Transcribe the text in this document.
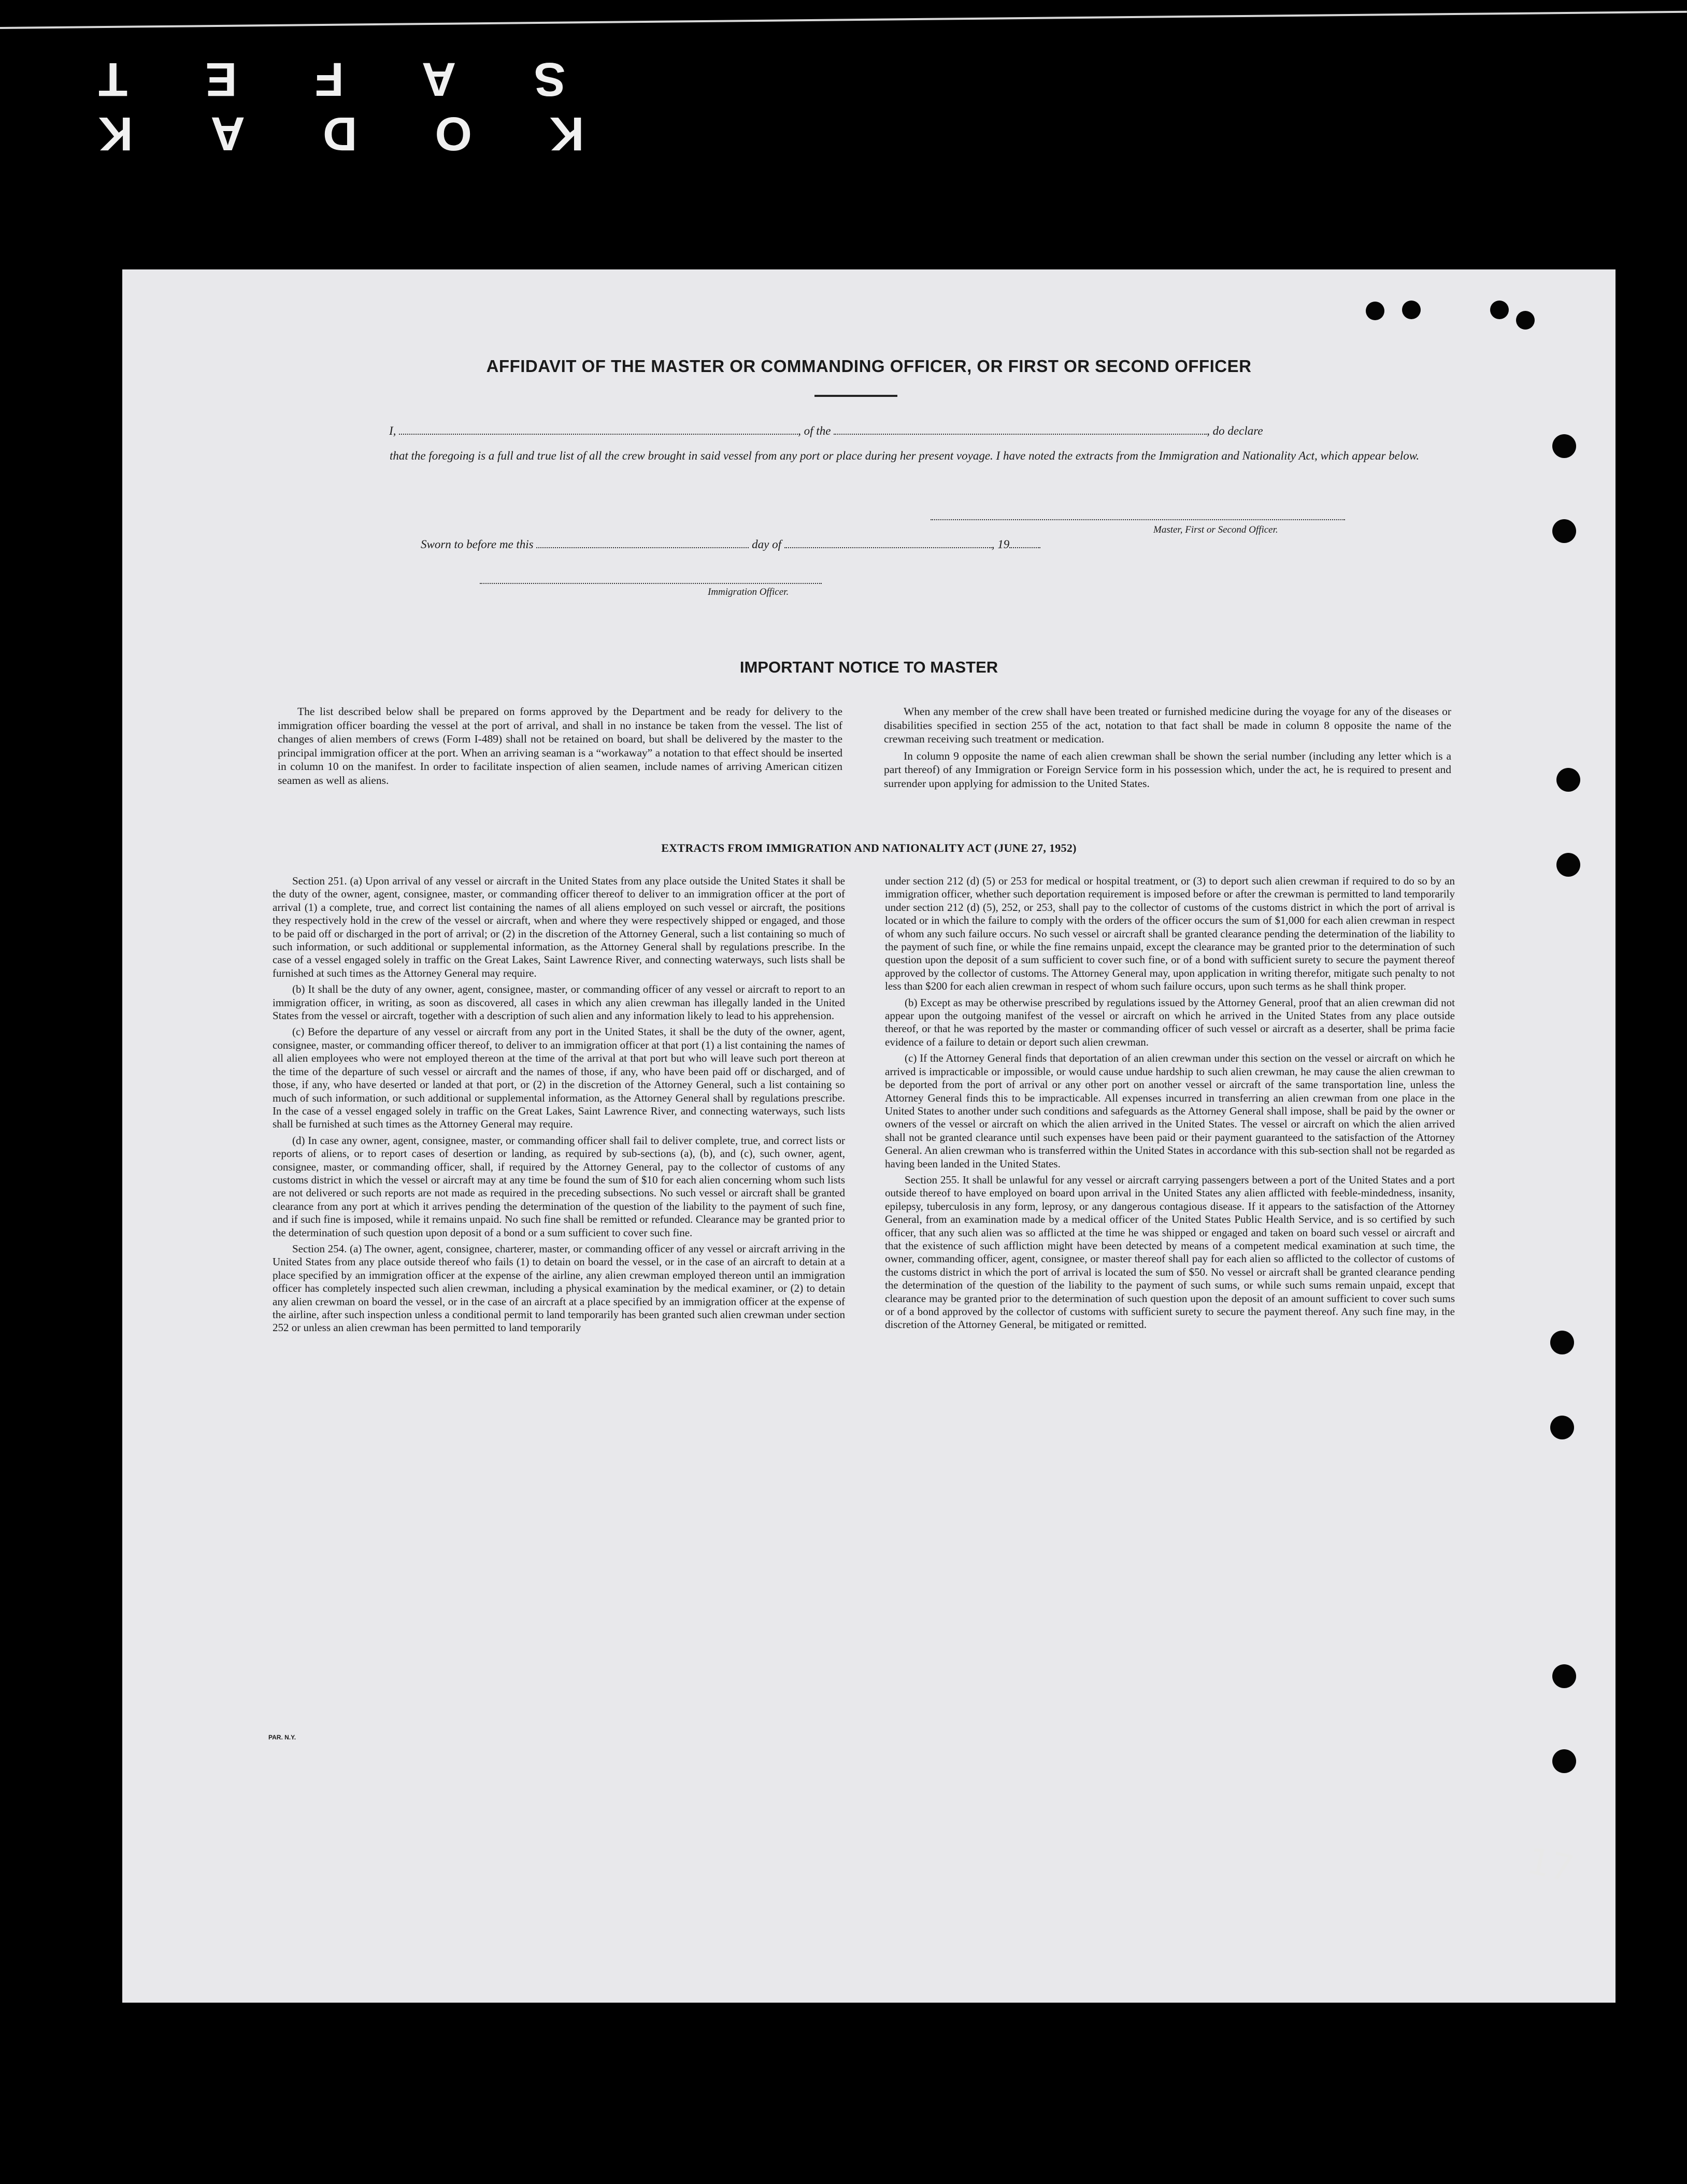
KODAK SAFET
AFFIDAVIT OF THE MASTER OR COMMANDING OFFICER, OR FIRST OR SECOND OFFICER
I,	, of the	, do declare
that the foregoing is a full and true list of all the crew brought in said vessel from any port or place during her present voyage. I have noted the extracts from the Immigration and Nationality Act, which appear below.
Master, First or Second Officer.
Sworn to before me this	day of	, 19
Immigration Officer.
IMPORTANT NOTICE TO MASTER

The list described below shall be prepared on forms approved by the Department and be ready for delivery to the immigration officer boarding the vessel at the port of arrival, and shall in no instance be taken from the vessel. The list of changes of alien members of crews (Form I-489) shall not be retained on board, but shall be delivered by the master to the principal immigration officer at the port. When an arriving seaman is a “workaway” a notation to that effect should be inserted in column 10 on the manifest. In order to facilitate inspection of alien seamen, include names of arriving American citizen seamen as well as aliens.

When any member of the crew shall have been treated or furnished medicine during the voyage for any of the diseases or disabilities specified in section 255 of the act, notation to that fact shall be made in column 8 opposite the name of the crewman receiving such treatment or medication.

In column 9 opposite the name of each alien crewman shall be shown the serial number (including any letter which is a part thereof) of any Immigration or Foreign Service form in his possession which, under the act, he is required to present and surrender upon applying for admission to the United States.

EXTRACTS FROM IMMIGRATION AND NATIONALITY ACT (JUNE 27, 1952)

Section 251. (a) Upon arrival of any vessel or aircraft in the United States from any place outside the United States it shall be the duty of the owner, agent, consignee, master, or commanding officer thereof to deliver to an immigration officer at the port of arrival (1) a complete, true, and correct list containing the names of all aliens employed on such vessel or aircraft, the positions they respectively hold in the crew of the vessel or aircraft, when and where they were respectively shipped or engaged, and those to be paid off or discharged in the port of arrival; or (2) in the discretion of the Attorney General, such a list containing so much of such information, or such additional or supplemental information, as the Attorney General shall by regulations prescribe. In the case of a vessel engaged solely in traffic on the Great Lakes, Saint Lawrence River, and connecting waterways, such lists shall be furnished at such times as the Attorney General may require.

(b) It shall be the duty of any owner, agent, consignee, master, or commanding officer of any vessel or aircraft to report to an immigration officer, in writing, as soon as discovered, all cases in which any alien crewman has illegally landed in the United States from the vessel or aircraft, together with a description of such alien and any information likely to lead to his apprehension.

(c) Before the departure of any vessel or aircraft from any port in the United States, it shall be the duty of the owner, agent, consignee, master, or commanding officer thereof, to deliver to an immigration officer at that port (1) a list containing the names of all alien employees who were not employed thereon at the time of the arrival at that port but who will leave such port thereon at the time of the departure of such vessel or aircraft and the names of those, if any, who have been paid off or discharged, and of those, if any, who have deserted or landed at that port, or (2) in the discretion of the Attorney General, such a list containing so much of such information, or such additional or supplemental information, as the Attorney General shall by regulations prescribe. In the case of a vessel engaged solely in traffic on the Great Lakes, Saint Lawrence River, and connecting waterways, such lists shall be furnished at such times as the Attorney General may require.

(d) In case any owner, agent, consignee, master, or commanding officer shall fail to deliver complete, true, and correct lists or reports of aliens, or to report cases of desertion or landing, as required by sub-sections (a), (b), and (c), such owner, agent, consignee, master, or commanding officer, shall, if required by the Attorney General, pay to the collector of customs of any customs district in which the vessel or aircraft may at any time be found the sum of $10 for each alien concerning whom such lists are not delivered or such reports are not made as required in the preceding subsections. No such vessel or aircraft shall be granted clearance from any port at which it arrives pending the determination of the question of the liability to the payment of such fine, and if such fine is imposed, while it remains unpaid. No such fine shall be remitted or refunded. Clearance may be granted prior to the determination of such question upon deposit of a bond or a sum sufficient to cover such fine.

Section 254. (a) The owner, agent, consignee, charterer, master, or commanding officer of any vessel or aircraft arriving in the United States from any place outside thereof who fails (1) to detain on board the vessel, or in the case of an aircraft to detain at a place specified by an immigration officer at the expense of the airline, any alien crewman employed thereon until an immigration officer has completely inspected such alien crewman, including a physical examination by the medical examiner, or (2) to detain any alien crewman on board the vessel, or in the case of an aircraft at a place specified by an immigration officer at the expense of the airline, after such inspection unless a conditional permit to land temporarily has been granted such alien crewman under section 252 or unless an alien crewman has been permitted to land temporarily

under section 212 (d) (5) or 253 for medical or hospital treatment, or (3) to deport such alien crewman if required to do so by an immigration officer, whether such deportation requirement is imposed before or after the crewman is permitted to land temporarily under section 212 (d) (5), 252, or 253, shall pay to the collector of customs of the customs district in which the port of arrival is located or in which the failure to comply with the orders of the officer occurs the sum of $1,000 for each alien crewman in respect of whom any such failure occurs. No such vessel or aircraft shall be granted clearance pending the determination of the liability to the payment of such fine, or while the fine remains unpaid, except the clearance may be granted prior to the determination of such question upon the deposit of a sum sufficient to cover such fine, or of a bond with sufficient surety to secure the payment thereof approved by the collector of customs. The Attorney General may, upon application in writing therefor, mitigate such penalty to not less than $200 for each alien crewman in respect of whom such failure occurs, upon such terms as he shall think proper.

(b) Except as may be otherwise prescribed by regulations issued by the Attorney General, proof that an alien crewman did not appear upon the outgoing manifest of the vessel or aircraft on which he arrived in the United States from any place outside thereof, or that he was reported by the master or commanding officer of such vessel or aircraft as a deserter, shall be prima facie evidence of a failure to detain or deport such alien crewman.

(c) If the Attorney General finds that deportation of an alien crewman under this section on the vessel or aircraft on which he arrived is impracticable or impossible, or would cause undue hardship to such alien crewman, he may cause the alien crewman to be deported from the port of arrival or any other port on another vessel or aircraft of the same transportation line, unless the Attorney General finds this to be impracticable. All expenses incurred in transferring an alien crewman from one place in the United States to another under such conditions and safeguards as the Attorney General shall impose, shall be paid by the owner or owners of the vessel or aircraft on which the alien arrived in the United States. The vessel or aircraft on which the alien arrived shall not be granted clearance until such expenses have been paid or their payment guaranteed to the satisfaction of the Attorney General. An alien crewman who is transferred within the United States in accordance with this sub-section shall not be regarded as having been landed in the United States.

Section 255. It shall be unlawful for any vessel or aircraft carrying passengers between a port of the United States and a port outside thereof to have employed on board upon arrival in the United States any alien afflicted with feeble-mindedness, insanity, epilepsy, tuberculosis in any form, leprosy, or any dangerous contagious disease. If it appears to the satisfaction of the Attorney General, from an examination made by a medical officer of the United States Public Health Service, and is so certified by such officer, that any such alien was so afflicted at the time he was shipped or engaged and taken on board such vessel or aircraft and that the existence of such affliction might have been detected by means of a competent medical examination at such time, the owner, commanding officer, agent, consignee, or master thereof shall pay for each alien so afflicted to the collector of customs of the customs district in which the port of arrival is located the sum of $50. No vessel or aircraft shall be granted clearance pending the determination of the question of the liability to the payment of such sums, or while such sums remain unpaid, except that clearance may be granted prior to the determination of such question upon the deposit of an amount sufficient to cover such sums or of a bond approved by the collector of customs with sufficient surety to secure the payment thereof. Any such fine may, in the discretion of the Attorney General, be mitigated or remitted.

PAR. N.Y.
17
